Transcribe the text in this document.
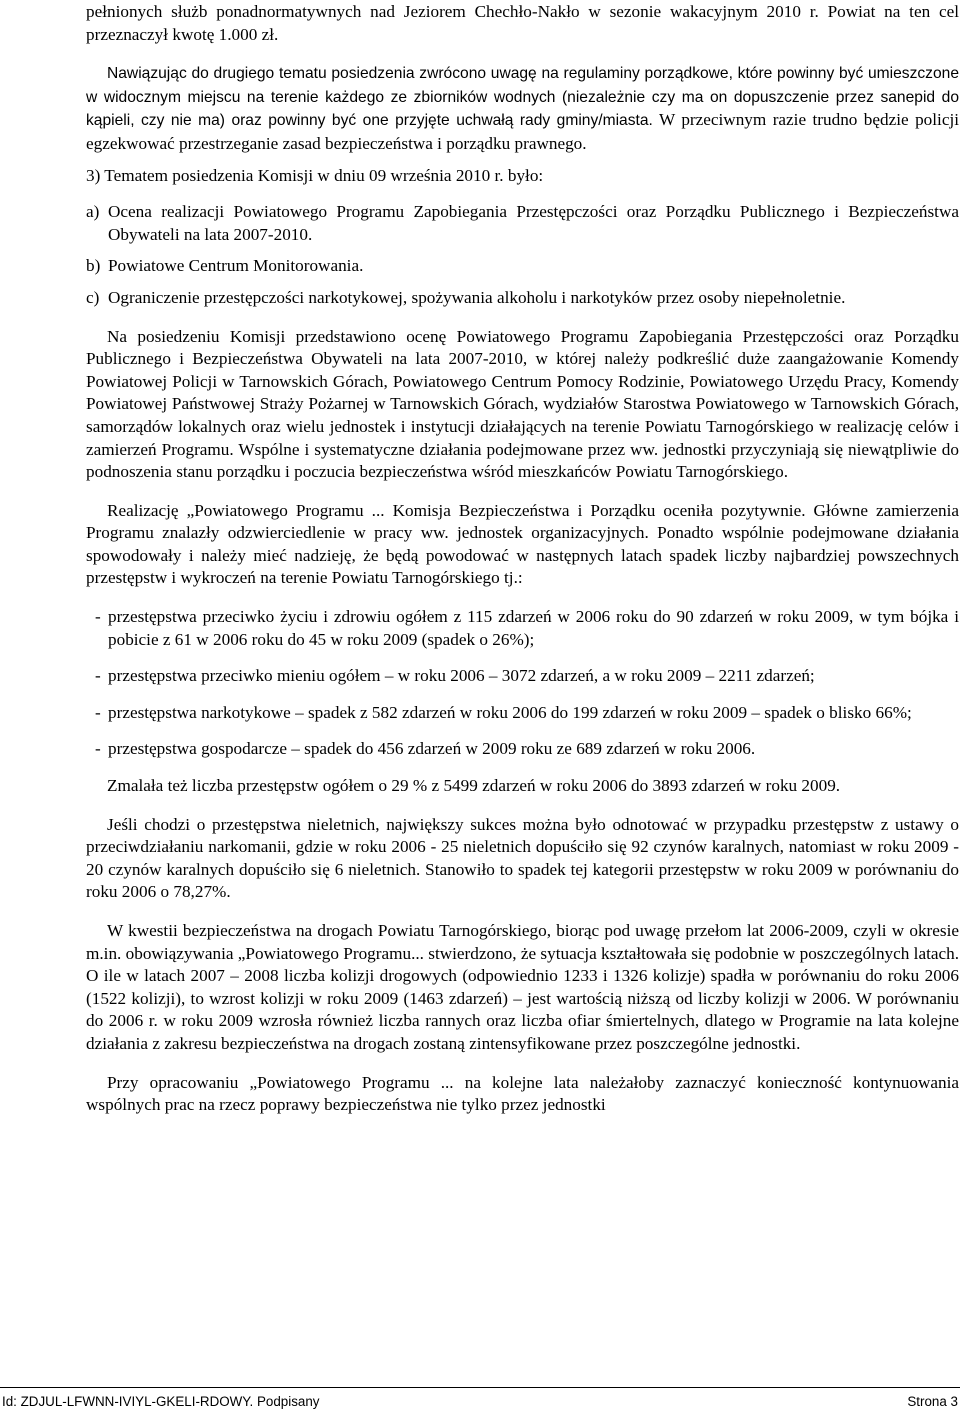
pełnionych służb ponadnormatywnych nad Jeziorem Chechło-Nakło w sezonie wakacyjnym 2010 r. Powiat na ten cel przeznaczył kwotę 1.000 zł.

Nawiązując do drugiego tematu posiedzenia zwrócono uwagę na regulaminy porządkowe, które powinny być umieszczone w widocznym miejscu na terenie każdego ze zbiorników wodnych (niezależnie czy ma on dopuszczenie przez sanepid do kąpieli, czy nie ma) oraz powinny być one przyjęte uchwałą rady gminy/miasta. W przeciwnym razie trudno będzie policji egzekwować przestrzeganie zasad bezpieczeństwa i porządku prawnego.

3) Tematem posiedzenia Komisji w dniu 09 września 2010 r. było:

a) Ocena realizacji Powiatowego Programu Zapobiegania Przestępczości oraz Porządku Publicznego i Bezpieczeństwa Obywateli na lata 2007-2010.
b) Powiatowe Centrum Monitorowania.
c) Ograniczenie przestępczości narkotykowej, spożywania alkoholu i narkotyków przez osoby niepełnoletnie.

Na posiedzeniu Komisji przedstawiono ocenę Powiatowego Programu Zapobiegania Przestępczości oraz Porządku Publicznego i Bezpieczeństwa Obywateli na lata 2007-2010, w której należy podkreślić duże zaangażowanie Komendy Powiatowej Policji w Tarnowskich Górach, Powiatowego Centrum Pomocy Rodzinie, Powiatowego Urzędu Pracy, Komendy Powiatowej Państwowej Straży Pożarnej w Tarnowskich Górach, wydziałów Starostwa Powiatowego w Tarnowskich Górach, samorządów lokalnych oraz wielu jednostek i instytucji działających na terenie Powiatu Tarnogórskiego w realizację celów i zamierzeń Programu. Wspólne i systematyczne działania podejmowane przez ww. jednostki przyczyniają się niewątpliwie do podnoszenia stanu porządku i poczucia bezpieczeństwa wśród mieszkańców Powiatu Tarnogórskiego.

Realizację „Powiatowego Programu ... Komisja Bezpieczeństwa i Porządku oceniła pozytywnie. Główne zamierzenia Programu znalazły odzwierciedlenie w pracy ww. jednostek organizacyjnych. Ponadto wspólnie podejmowane działania spowodowały i należy mieć nadzieję, że będą powodować w następnych latach spadek liczby najbardziej powszechnych przestępstw i wykroczeń na terenie Powiatu Tarnogórskiego tj.:

- przestępstwa przeciwko życiu i zdrowiu ogółem z 115 zdarzeń w 2006 roku do 90 zdarzeń w roku 2009, w tym bójka i pobicie z 61 w 2006 roku do 45 w roku 2009 (spadek o 26%);
- przestępstwa przeciwko mieniu ogółem – w roku 2006 – 3072 zdarzeń, a w roku 2009 – 2211 zdarzeń;
- przestępstwa narkotykowe – spadek z 582 zdarzeń w roku 2006 do 199 zdarzeń w roku 2009 – spadek o blisko 66%;
- przestępstwa gospodarcze – spadek do 456 zdarzeń w 2009 roku ze 689 zdarzeń w roku 2006.

Zmalała też liczba przestępstw ogółem o 29 % z 5499 zdarzeń w roku 2006 do 3893 zdarzeń w roku 2009.

Jeśli chodzi o przestępstwa nieletnich, największy sukces można było odnotować w przypadku przestępstw z ustawy o przeciwdziałaniu narkomanii, gdzie w roku 2006 - 25 nieletnich dopuściło się 92 czynów karalnych, natomiast w roku 2009 - 20 czynów karalnych dopuściło się 6 nieletnich. Stanowiło to spadek tej kategorii przestępstw w roku 2009 w porównaniu do roku 2006 o 78,27%.

W kwestii bezpieczeństwa na drogach Powiatu Tarnogórskiego, biorąc pod uwagę przełom lat 2006-2009, czyli w okresie m.in. obowiązywania „Powiatowego Programu... stwierdzono, że sytuacja kształtowała się podobnie w poszczególnych latach. O ile w latach 2007 – 2008 liczba kolizji drogowych (odpowiednio 1233 i 1326 kolizje) spadła w porównaniu do roku 2006 (1522 kolizji), to wzrost kolizji w roku 2009 (1463 zdarzeń) – jest wartością niższą od liczby kolizji w 2006. W porównaniu do 2006 r. w roku 2009 wzrosła również liczba rannych oraz liczba ofiar śmiertelnych, dlatego w Programie na lata kolejne działania z zakresu bezpieczeństwa na drogach zostaną zintensyfikowane przez poszczególne jednostki.

Przy opracowaniu „Powiatowego Programu ... na kolejne lata należałoby zaznaczyć konieczność kontynuowania wspólnych prac na rzecz poprawy bezpieczeństwa nie tylko przez jednostki

Id: ZDJUL-LFWNN-IVIYL-GKELI-RDOWY. Podpisany	Strona 3
